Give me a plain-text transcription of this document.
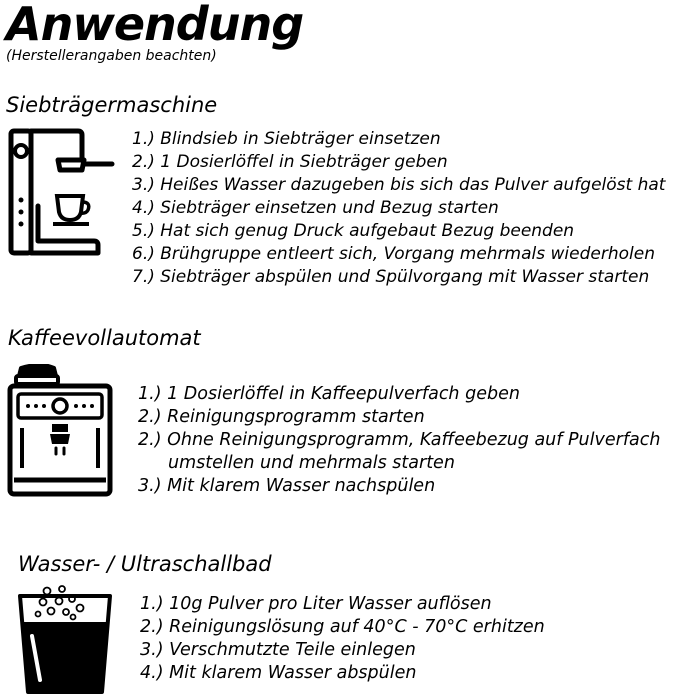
Anwendung
(Herstellerangaben beachten)
Siebträgermaschine
1.) Blindsieb in Siebträger einsetzen
2.) 1 Dosierlöffel in Siebträger geben
3.) Heißes Wasser dazugeben bis sich das Pulver aufgelöst hat
4.) Siebträger einsetzen und Bezug starten
5.) Hat sich genug Druck aufgebaut Bezug beenden
6.) Brühgruppe entleert sich, Vorgang mehrmals wiederholen
7.) Siebträger abspülen und Spülvorgang mit Wasser starten
Kaffeevollautomat
1.) 1 Dosierlöffel in Kaffeepulverfach geben
2.) Reinigungsprogramm starten
2.) Ohne Reinigungsprogramm, Kaffeebezug auf Pulverfach
umstellen und mehrmals starten
3.) Mit klarem Wasser nachspülen
Wasser- / Ultraschallbad
1.) 10g Pulver pro Liter Wasser auflösen
2.) Reinigungslösung auf 40°C - 70°C erhitzen
3.) Verschmutzte Teile einlegen
4.) Mit klarem Wasser abspülen
